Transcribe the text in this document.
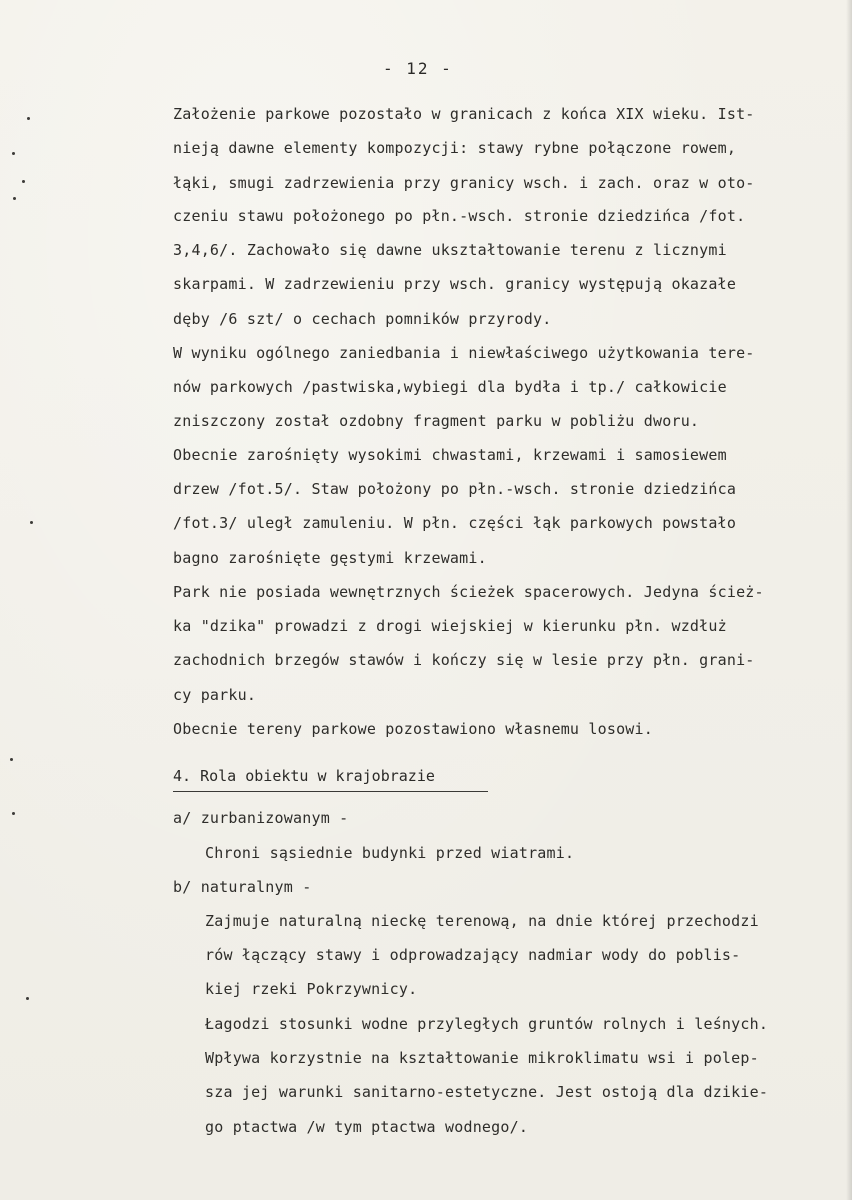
- 12 -
Założenie parkowe pozostało w granicach z końca XIX wieku. Ist-
nieją dawne elementy kompozycji: stawy rybne połączone rowem,
łąki, smugi zadrzewienia przy granicy wsch. i zach. oraz w oto-
czeniu stawu położonego po płn.-wsch. stronie dziedzińca /fot.
3,4,6/. Zachowało się dawne ukształtowanie terenu z licznymi
skarpami. W zadrzewieniu przy wsch. granicy występują okazałe
dęby /6 szt/ o cechach pomników przyrody.
W wyniku ogólnego zaniedbania i niewłaściwego użytkowania tere-
nów parkowych /pastwiska,wybiegi dla bydła i tp./ całkowicie
zniszczony został ozdobny fragment parku w pobliżu dworu.
Obecnie zarośnięty wysokimi chwastami, krzewami i samosiewem
drzew /fot.5/. Staw położony po płn.-wsch. stronie dziedzińca
/fot.3/ uległ zamuleniu. W płn. części łąk parkowych powstało
bagno zarośnięte gęstymi krzewami.
Park nie posiada wewnętrznych ścieżek spacerowych. Jedyna ścież-
ka "dzika" prowadzi z drogi wiejskiej w kierunku płn. wzdłuż
zachodnich brzegów stawów i kończy się w lesie przy płn. grani-
cy parku.
Obecnie tereny parkowe pozostawiono własnemu losowi.
4. Rola obiektu w krajobrazie
a/ zurbanizowanym -
Chroni sąsiednie budynki przed wiatrami.
b/ naturalnym -
Zajmuje naturalną nieckę terenową, na dnie której przechodzi
rów łączący stawy i odprowadzający nadmiar wody do poblis-
kiej rzeki Pokrzywnicy.
Łagodzi stosunki wodne przyległych gruntów rolnych i leśnych.
Wpływa korzystnie na kształtowanie mikroklimatu wsi i polep-
sza jej warunki sanitarno-estetyczne. Jest ostoją dla dzikie-
go ptactwa /w tym ptactwa wodnego/.
